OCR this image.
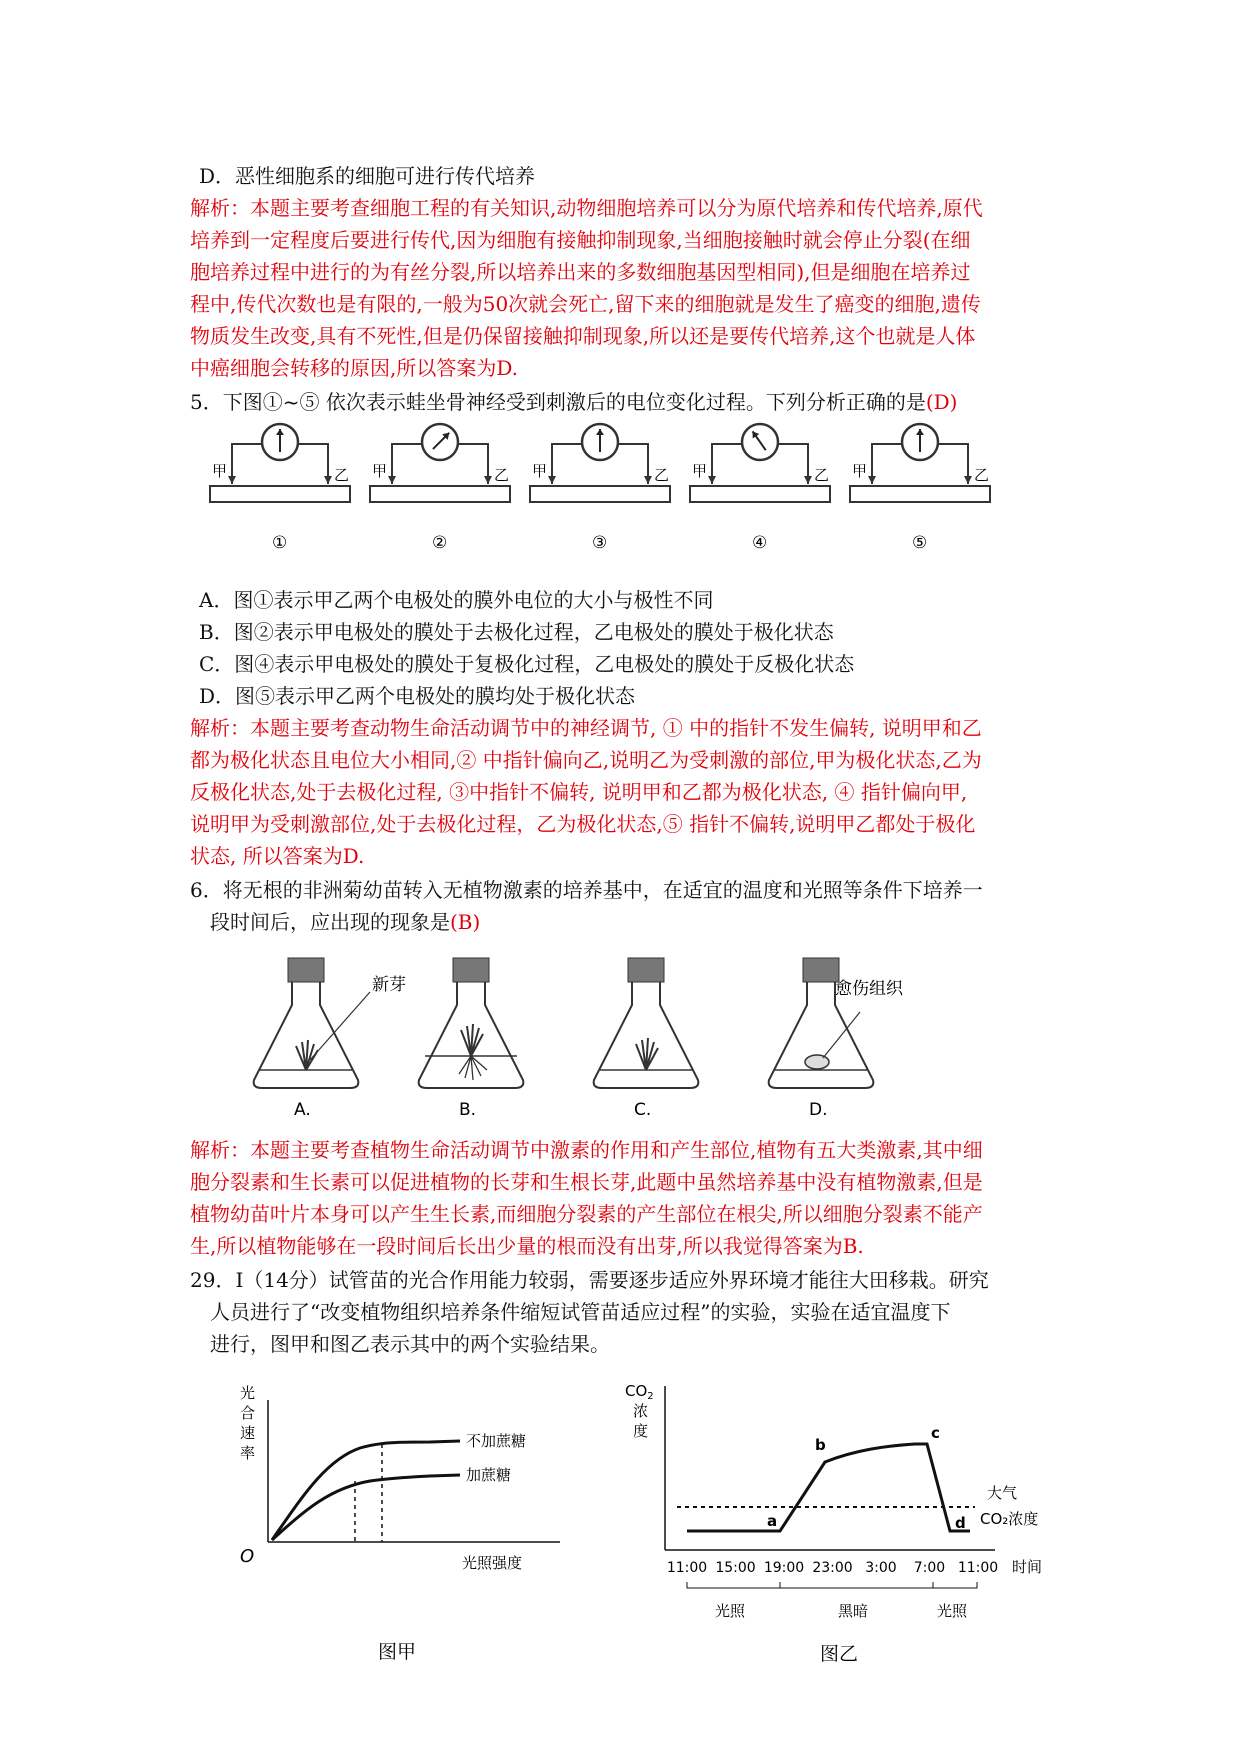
D．恶性细胞系的细胞可进行传代培养
解析：本题主要考查细胞工程的有关知识,动物细胞培养可以分为原代培养和传代培养,原代
培养到一定程度后要进行传代,因为细胞有接触抑制现象,当细胞接触时就会停止分裂(在细
胞培养过程中进行的为有丝分裂,所以培养出来的多数细胞基因型相同),但是细胞在培养过
程中,传代次数也是有限的,一般为50次就会死亡,留下来的细胞就是发生了癌变的细胞,遗传
物质发生改变,具有不死性,但是仍保留接触抑制现象,所以还是要传代培养,这个也就是人体
中癌细胞会转移的原因,所以答案为D.
5．下图①~⑤ 依次表示蛙坐骨神经受到刺激后的电位变化过程。下列分析正确的是(D)
甲	乙
①
甲	乙
②
甲	乙
③
甲	乙
④
甲	乙
⑤
A．图①表示甲乙两个电极处的膜外电位的大小与极性不同
B．图②表示甲电极处的膜处于去极化过程，乙电极处的膜处于极化状态
C．图④表示甲电极处的膜处于复极化过程，乙电极处的膜处于反极化状态
D．图⑤表示甲乙两个电极处的膜均处于极化状态
解析：本题主要考查动物生命活动调节中的神经调节, ① 中的指针不发生偏转, 说明甲和乙
都为极化状态且电位大小相同,② 中指针偏向乙,说明乙为受刺激的部位,甲为极化状态,乙为
反极化状态,处于去极化过程, ③中指针不偏转, 说明甲和乙都为极化状态, ④ 指针偏向甲,
说明甲为受刺激部位,处于去极化过程，乙为极化状态,⑤ 指针不偏转,说明甲乙都处于极化
状态, 所以答案为D.
6．将无根的非洲菊幼苗转入无植物激素的培养基中，在适宜的温度和光照等条件下培养一
段时间后，应出现的现象是(B)
新芽
A.	B.	C.
愈伤组织
D.
解析：本题主要考查植物生命活动调节中激素的作用和产生部位,植物有五大类激素,其中细
胞分裂素和生长素可以促进植物的长芽和生根长芽,此题中虽然培养基中没有植物激素,但是
植物幼苗叶片本身可以产生生长素,而细胞分裂素的产生部位在根尖,所以细胞分裂素不能产
生,所以植物能够在一段时间后长出少量的根而没有出芽,所以我觉得答案为B.
29．I（14分）试管苗的光合作用能力较弱，需要逐步适应外界环境才能往大田移栽。研究
人员进行了“改变植物组织培养条件缩短试管苗适应过程”的实验，实验在适宜温度下
进行，图甲和图乙表示其中的两个实验结果。
光 合 速 率
O	光照强度
不加蔗糖
加蔗糖
图甲
$CO_2$
浓
度
a
b
c
d
大气
CO₂浓度
11:00 15:00 19:00 23:00 3:00 7:00 11:00 时间
光照	黑暗	光照
图乙
